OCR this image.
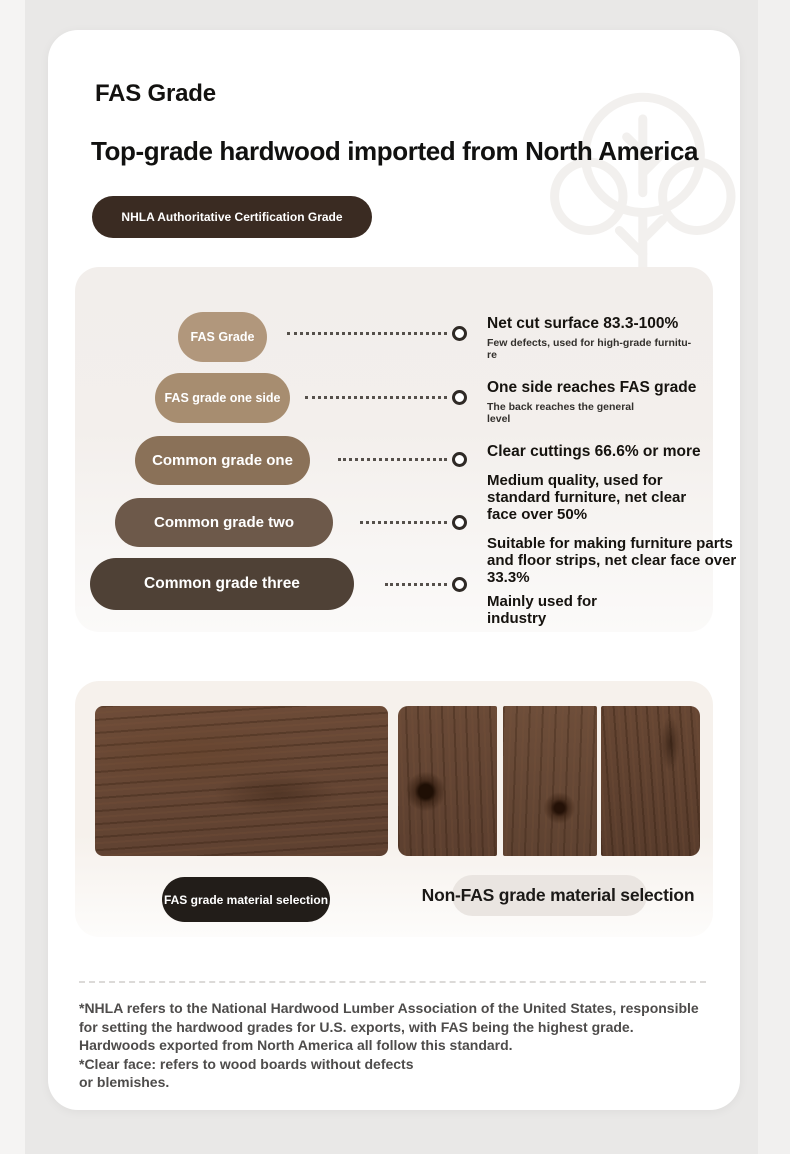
FAS Grade
Top-grade hardwood imported from North America
NHLA Authoritative Certification Grade
FAS Grade
FAS grade one side
Common grade one
Common grade two
Common grade three
Net cut surface 83.3-100%
Few defects, used for high-grade furnitu-
re
One side reaches FAS grade
The back reaches the general
level
Clear cuttings 66.6% or more
Medium quality, used for
standard furniture, net clear
face over 50%
Suitable for making furniture parts
and floor strips, net clear face over
33.3%
Mainly used for
industry
FAS grade material selection	Non-FAS grade material selection
*NHLA refers to the National Hardwood Lumber Association of the United States, responsible
for setting the hardwood grades for U.S. exports, with FAS being the highest grade.
Hardwoods exported from North America all follow this standard.
*Clear face: refers to wood boards without defects
or blemishes.
